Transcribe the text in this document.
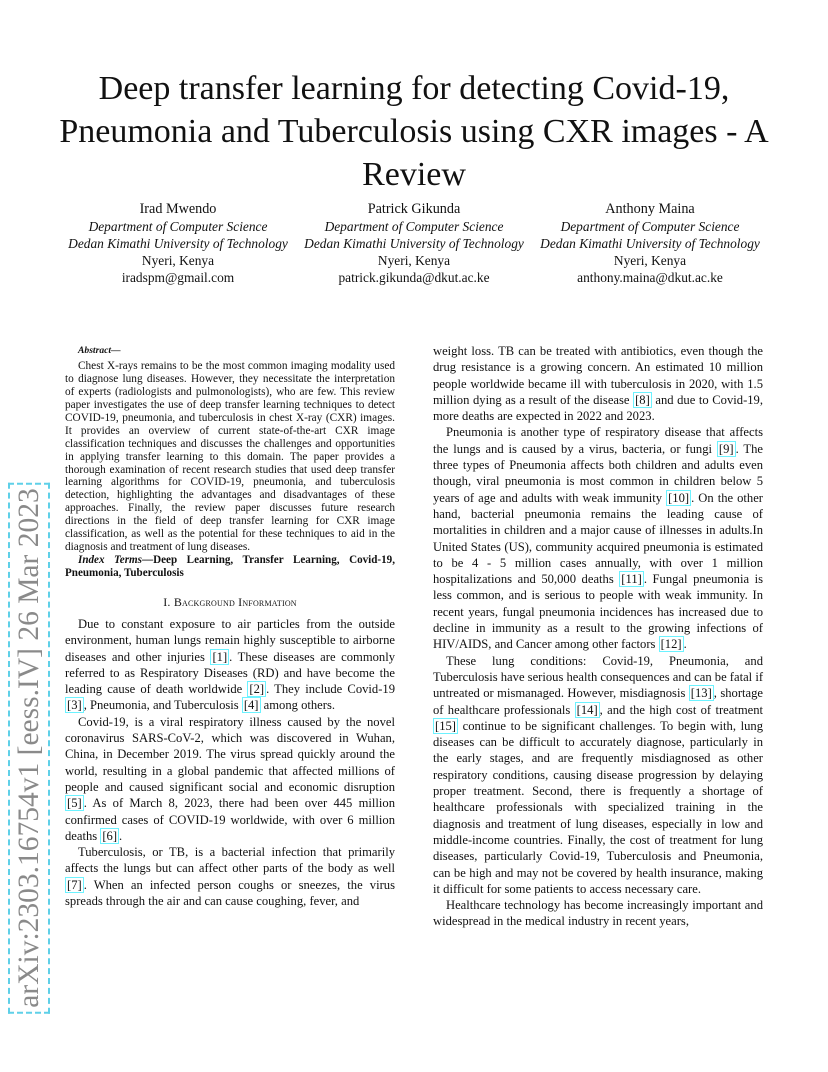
arXiv:2303.16754v1 [eess.IV] 26 Mar 2023
Deep transfer learning for detecting Covid-19, Pneumonia and Tuberculosis using CXR images - A Review
Irad Mwendo
Department of Computer Science
Dedan Kimathi University of Technology
Nyeri, Kenya
iradspm@gmail.com
Patrick Gikunda
Department of Computer Science
Dedan Kimathi University of Technology
Nyeri, Kenya
patrick.gikunda@dkut.ac.ke
Anthony Maina
Department of Computer Science
Dedan Kimathi University of Technology
Nyeri, Kenya
anthony.maina@dkut.ac.ke
Abstract—

Chest X-rays remains to be the most common imaging modality used to diagnose lung diseases. However, they necessitate the interpretation of experts (radiologists and pulmonologists), who are few. This review paper investigates the use of deep transfer learning techniques to detect COVID-19, pneumonia, and tuberculosis in chest X-ray (CXR) images. It provides an overview of current state-of-the-art CXR image classification techniques and discusses the challenges and opportunities in applying transfer learning to this domain. The paper provides a thorough examination of recent research studies that used deep transfer learning algorithms for COVID-19, pneumonia, and tuberculosis detection, highlighting the advantages and disadvantages of these approaches. Finally, the review paper discusses future research directions in the field of deep transfer learning for CXR image classification, as well as the potential for these techniques to aid in the diagnosis and treatment of lung diseases.

Index Terms—Deep Learning, Transfer Learning, Covid-19, Pneumonia, Tuberculosis

I. Background Information

Due to constant exposure to air particles from the outside environment, human lungs remain highly susceptible to airborne diseases and other injuries [1] . These diseases are commonly referred to as Respiratory Diseases (RD) and have become the leading cause of death worldwide [2] . They include Covid-19 [3] , Pneumonia, and Tuberculosis [4] among others.

Covid-19, is a viral respiratory illness caused by the novel coronavirus SARS-CoV-2, which was discovered in Wuhan, China, in December 2019. The virus spread quickly around the world, resulting in a global pandemic that affected millions of people and caused significant social and economic disruption [5] . As of March 8, 2023, there had been over 445 million confirmed cases of COVID-19 worldwide, with over 6 million deaths [6] .

Tuberculosis, or TB, is a bacterial infection that primarily affects the lungs but can affect other parts of the body as well [7] . When an infected person coughs or sneezes, the virus spreads through the air and can cause coughing, fever, and

weight loss. TB can be treated with antibiotics, even though the drug resistance is a growing concern. An estimated 10 million people worldwide became ill with tuberculosis in 2020, with 1.5 million dying as a result of the disease [8] and due to Covid-19, more deaths are expected in 2022 and 2023.

Pneumonia is another type of respiratory disease that affects the lungs and is caused by a virus, bacteria, or fungi [9] . The three types of Pneumonia affects both children and adults even though, viral pneumonia is most common in children below 5 years of age and adults with weak immunity [10] . On the other hand, bacterial pneumonia remains the leading cause of mortalities in children and a major cause of illnesses in adults.In United States (US), community acquired pneumonia is estimated to be 4 - 5 million cases annually, with over 1 million hospitalizations and 50,000 deaths [11] . Fungal pneumonia is less common, and is serious to people with weak immunity. In recent years, fungal pneumonia incidences has increased due to decline in immunity as a result to the growing infections of HIV/AIDS, and Cancer among other factors [12] .

These lung conditions: Covid-19, Pneumonia, and Tuberculosis have serious health consequences and can be fatal if untreated or mismanaged. However, misdiagnosis [13] , shortage of healthcare professionals [14] , and the high cost of treatment [15] continue to be significant challenges. To begin with, lung diseases can be difficult to accurately diagnose, particularly in the early stages, and are frequently misdiagnosed as other respiratory conditions, causing disease progression by delaying proper treatment. Second, there is frequently a shortage of healthcare professionals with specialized training in the diagnosis and treatment of lung diseases, especially in low and middle-income countries. Finally, the cost of treatment for lung diseases, particularly Covid-19, Tuberculosis and Pneumonia, can be high and may not be covered by health insurance, making it difficult for some patients to access necessary care.

Healthcare technology has become increasingly important and widespread in the medical industry in recent years,
